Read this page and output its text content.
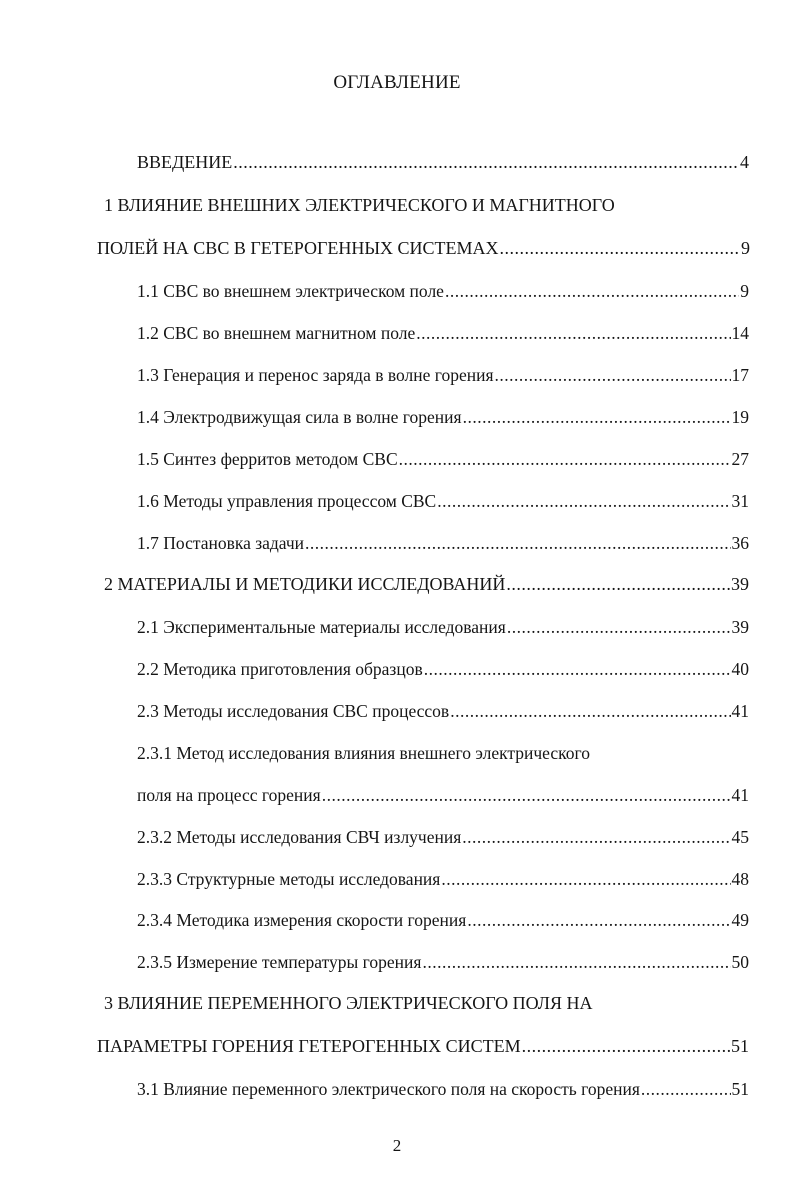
ОГЛАВЛЕНИЕ
ВВЕДЕНИЕ .....	4
1 ВЛИЯНИЕ ВНЕШНИХ ЭЛЕКТРИЧЕСКОГО И МАГНИТНОГО
ПОЛЕЙ НА СВС В ГЕТЕРОГЕННЫХ СИСТЕМАХ .....	9
1.1 СВС во внешнем электрическом поле .....	9
1.2 СВС во внешнем магнитном поле .....	14
1.3 Генерация и перенос заряда в волне горения .....	17
1.4 Электродвижущая сила в волне горения .....	19
1.5 Синтез ферритов методом СВС .....	27
1.6 Методы управления процессом СВС .....	31
1.7 Постановка задачи .....	36
2 МАТЕРИАЛЫ И МЕТОДИКИ ИССЛЕДОВАНИЙ .....	39
2.1 Экспериментальные материалы исследования .....	39
2.2 Методика приготовления образцов .....	40
2.3 Методы исследования СВС процессов .....	41
2.3.1 Метод исследования влияния внешнего электрического
поля на процесс горения .....	41
2.3.2 Методы исследования СВЧ излучения .....	45
2.3.3 Структурные методы исследования .....	48
2.3.4 Методика измерения скорости горения .....	49
2.3.5 Измерение температуры горения .....	50
3 ВЛИЯНИЕ ПЕРЕМЕННОГО ЭЛЕКТРИЧЕСКОГО ПОЛЯ НА
ПАРАМЕТРЫ ГОРЕНИЯ ГЕТЕРОГЕННЫХ СИСТЕМ .....	51
3.1 Влияние переменного электрического поля на скорость горения .....	51
2
